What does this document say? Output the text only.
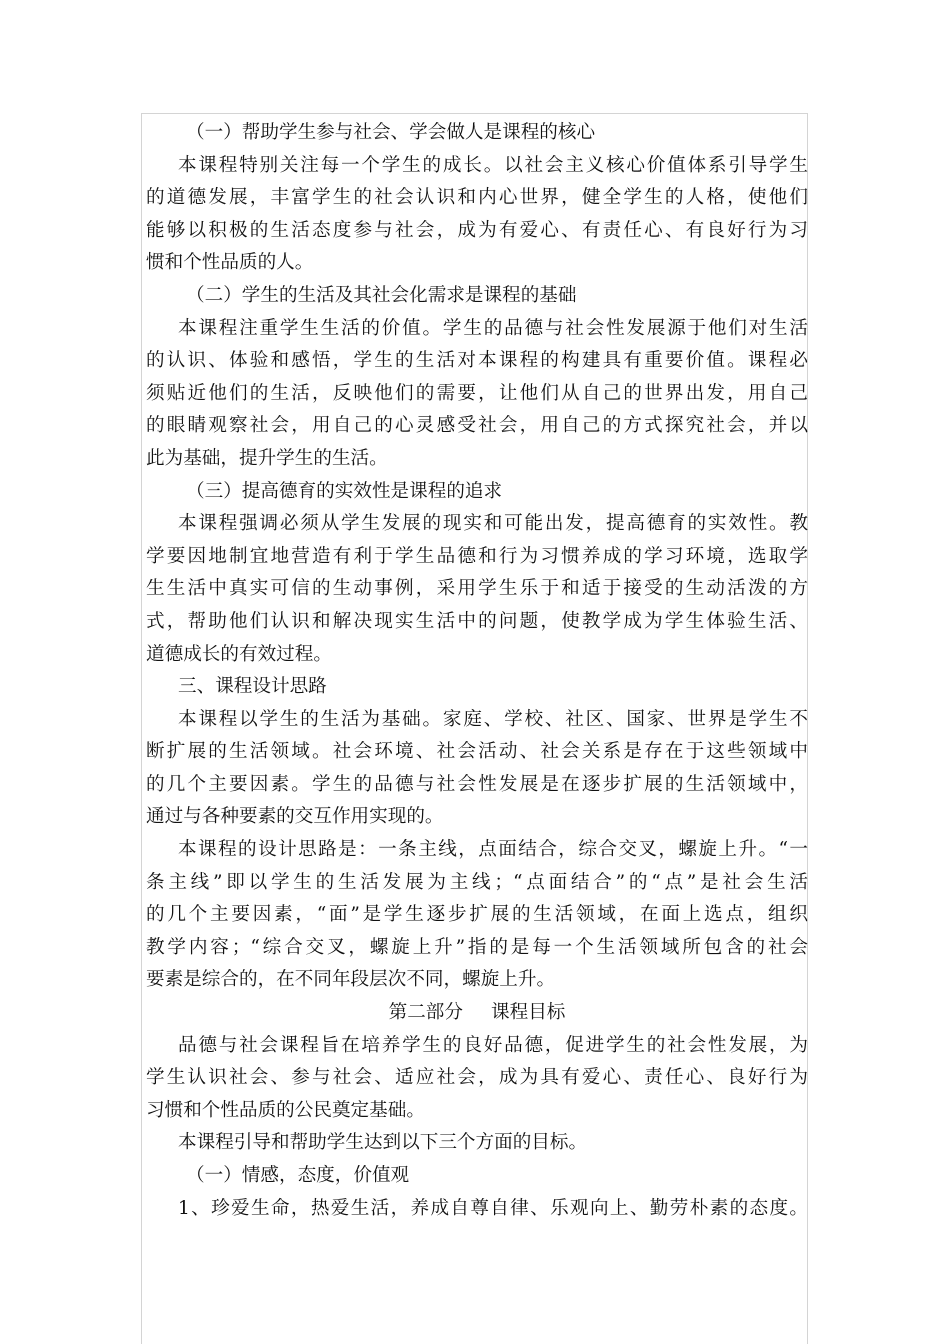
（一）帮助学生参与社会、学会做人是课程的核心
本课程特别关注每一个学生的成长。以社会主义核心价值体系引导学生
的道德发展，丰富学生的社会认识和内心世界，健全学生的人格，使他们
能够以积极的生活态度参与社会，成为有爱心、有责任心、有良好行为习
惯和个性品质的人。
（二）学生的生活及其社会化需求是课程的基础
本课程注重学生生活的价值。学生的品德与社会性发展源于他们对生活
的认识、体验和感悟，学生的生活对本课程的构建具有重要价值。课程必
须贴近他们的生活，反映他们的需要，让他们从自己的世界出发，用自己
的眼睛观察社会，用自己的心灵感受社会，用自己的方式探究社会，并以
此为基础，提升学生的生活。
（三）提高德育的实效性是课程的追求
本课程强调必须从学生发展的现实和可能出发，提高德育的实效性。教
学要因地制宜地营造有利于学生品德和行为习惯养成的学习环境，选取学
生生活中真实可信的生动事例，采用学生乐于和适于接受的生动活泼的方
式，帮助他们认识和解决现实生活中的问题，使教学成为学生体验生活、
道德成长的有效过程。
三、课程设计思路
本课程以学生的生活为基础。家庭、学校、社区、国家、世界是学生不
断扩展的生活领域。社会环境、社会活动、社会关系是存在于这些领域中
的几个主要因素。学生的品德与社会性发展是在逐步扩展的生活领域中，
通过与各种要素的交互作用实现的。
本课程的设计思路是：一条主线，点面结合，综合交叉，螺旋上升。“一
条主线”即以学生的生活发展为主线；“点面结合”的“点”是社会生活
的几个主要因素，“面”是学生逐步扩展的生活领域，在面上选点，组织
教学内容；“综合交叉，螺旋上升”指的是每一个生活领域所包含的社会
要素是综合的，在不同年段层次不同，螺旋上升。
第二部分 课程目标
品德与社会课程旨在培养学生的良好品德，促进学生的社会性发展，为
学生认识社会、参与社会、适应社会，成为具有爱心、责任心、良好行为
习惯和个性品质的公民奠定基础。
本课程引导和帮助学生达到以下三个方面的目标。
（一）情感，态度，价值观
1、珍爱生命，热爱生活，养成自尊自律、乐观向上、勤劳朴素的态度。
